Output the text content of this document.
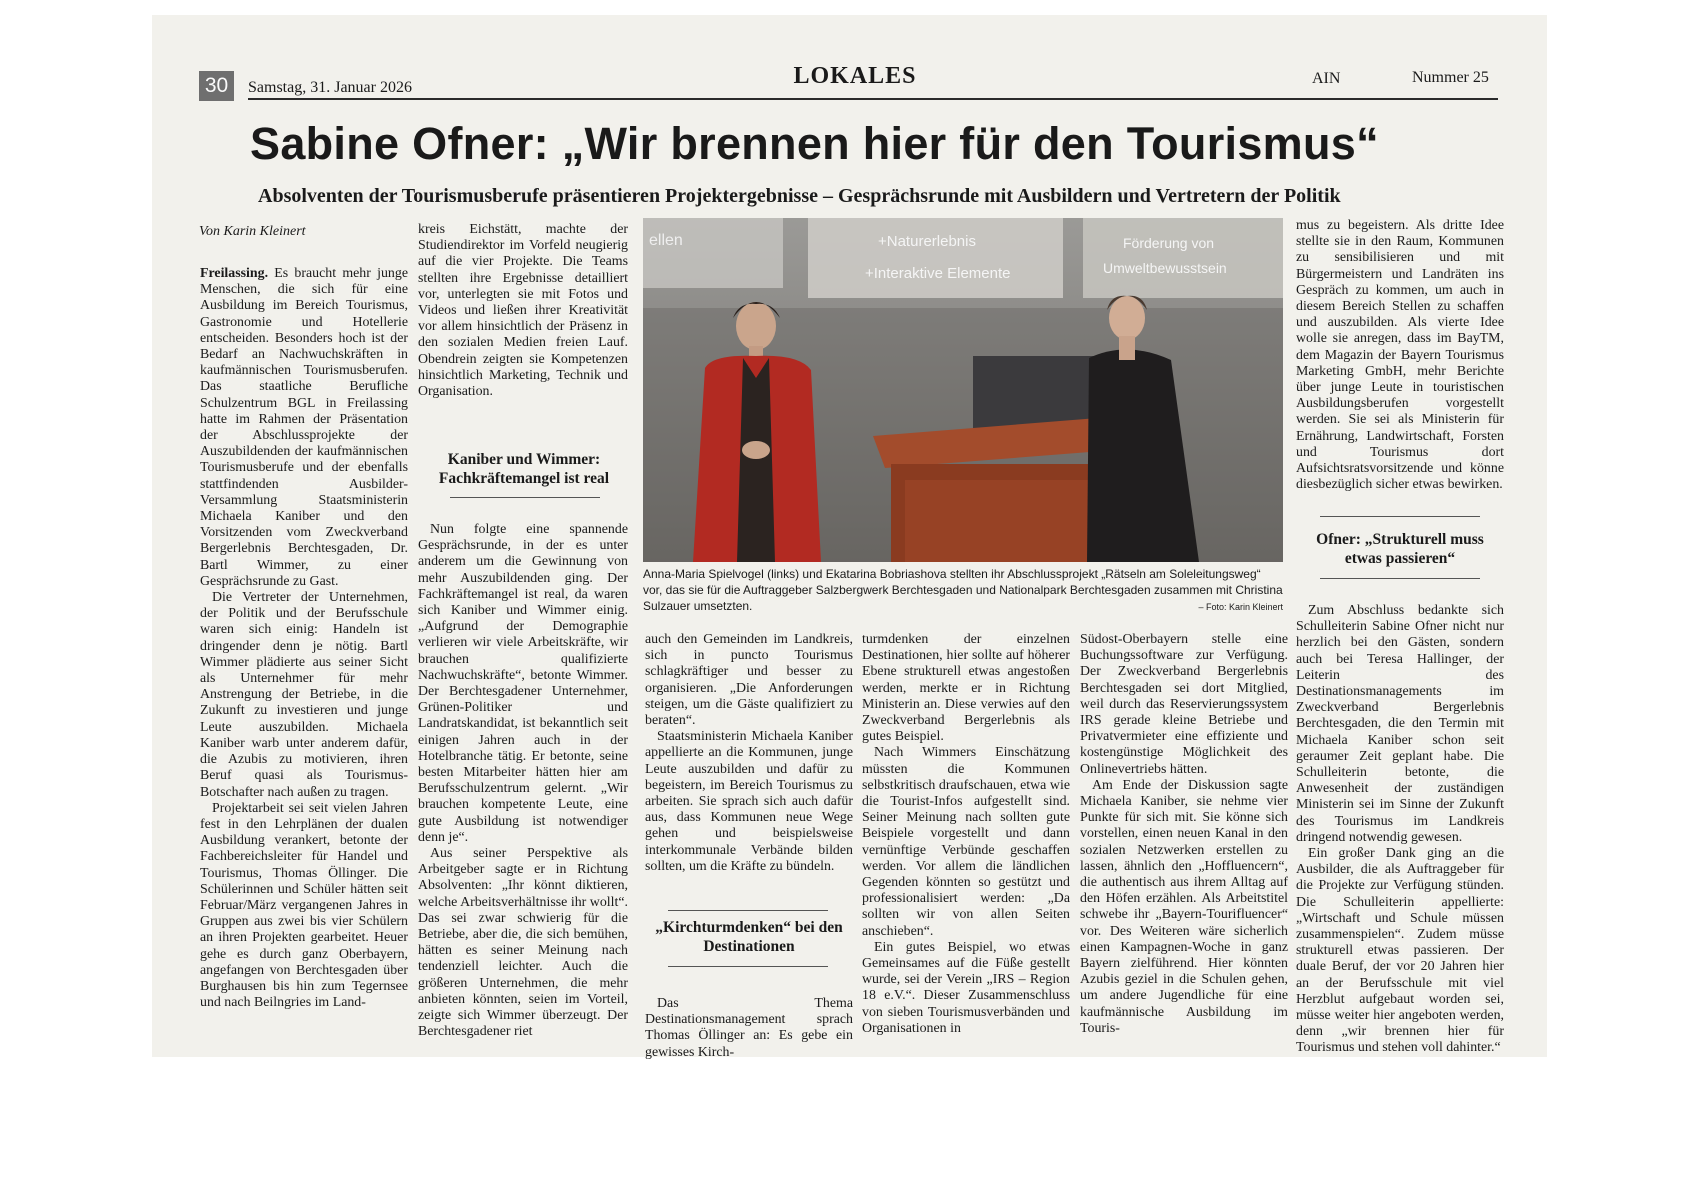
30	Samstag, 31. Januar 2026	LOKALES	AIN	Nummer 25
Sabine Ofner: „Wir brennen hier für den Tourismus“
Absolventen der Tourismusberufe präsentieren Projektergebnisse – Gesprächsrunde mit Ausbildern und Vertretern der Politik
Von Karin Kleinert

Freilassing. Es braucht mehr junge Menschen, die sich für eine Ausbildung im Bereich Tourismus, Gastronomie und Hotellerie entscheiden. Besonders hoch ist der Bedarf an Nachwuchskräften in kaufmännischen Tourismusberufen. Das staatliche Berufliche Schulzentrum BGL in Freilassing hatte im Rahmen der Präsentation der Abschlussprojekte der Auszubildenden der kaufmännischen Tourismusberufe und der ebenfalls stattfindenden Ausbilder-Versammlung Staatsministerin Michaela Kaniber und den Vorsitzenden vom Zweckverband Bergerlebnis Berchtesgaden, Dr. Bartl Wimmer, zu einer Gesprächsrunde zu Gast.

Die Vertreter der Unternehmen, der Politik und der Berufsschule waren sich einig: Handeln ist dringender denn je nötig. Bartl Wimmer plädierte aus seiner Sicht als Unternehmer für mehr Anstrengung der Betriebe, in die Zukunft zu investieren und junge Leute auszubilden. Michaela Kaniber warb unter anderem dafür, die Azubis zu motivieren, ihren Beruf quasi als Tourismus-Botschafter nach außen zu tragen.

Projektarbeit sei seit vielen Jahren fest in den Lehrplänen der dualen Ausbildung verankert, betonte der Fachbereichsleiter für Handel und Tourismus, Thomas Öllinger. Die Schülerinnen und Schüler hätten seit Februar/März vergangenen Jahres in Gruppen aus zwei bis vier Schülern an ihren Projekten gearbeitet. Heuer gehe es durch ganz Oberbayern, angefangen von Berchtesgaden über Burghausen bis hin zum Tegernsee und nach Beilngries im Land-

kreis Eichstätt, machte der Studiendirektor im Vorfeld neugierig auf die vier Projekte. Die Teams stellten ihre Ergebnisse detailliert vor, unterlegten sie mit Fotos und Videos und ließen ihrer Kreativität vor allem hinsichtlich der Präsenz in den sozialen Medien freien Lauf. Obendrein zeigten sie Kompetenzen hinsichtlich Marketing, Technik und Organisation.

Kaniber und Wimmer: Fachkräftemangel ist real

Nun folgte eine spannende Gesprächsrunde, in der es unter anderem um die Gewinnung von mehr Auszubildenden ging. Der Fachkräftemangel ist real, da waren sich Kaniber und Wimmer einig. „Aufgrund der Demographie verlieren wir viele Arbeitskräfte, wir brauchen qualifizierte Nachwuchskräfte“, betonte Wimmer. Der Berchtesgadener Unternehmer, Grünen-Politiker und Landratskandidat, ist bekanntlich seit einigen Jahren auch in der Hotelbranche tätig. Er betonte, seine besten Mitarbeiter hätten hier am Berufsschulzentrum gelernt. „Wir brauchen kompetente Leute, eine gute Ausbildung ist notwendiger denn je“.

Aus seiner Perspektive als Arbeitgeber sagte er in Richtung Absolventen: „Ihr könnt diktieren, welche Arbeitsverhältnisse ihr wollt“. Das sei zwar schwierig für die Betriebe, aber die, die sich bemühen, hätten es seiner Meinung nach tendenziell leichter. Auch die größeren Unternehmen, die mehr anbieten könnten, seien im Vorteil, zeigte sich Wimmer überzeugt. Der Berchtesgadener riet

ellen	+Naturerlebnis
+Interaktive Elemente
Förderung von
Umweltbewusstsein
Anna-Maria Spielvogel (links) und Ekatarina Bobriashova stellten ihr Abschlussprojekt „Rätseln am Soleleitungsweg“ vor, das sie für die Auftraggeber Salzbergwerk Berchtesgaden und Nationalpark Berchtesgaden zusammen mit Christina Sulzauer umsetzten.	– Foto: Karin Kleinert

auch den Gemeinden im Landkreis, sich in puncto Tourismus schlagkräftiger und besser zu organisieren. „Die Anforderungen steigen, um die Gäste qualifiziert zu beraten“.

Staatsministerin Michaela Kaniber appellierte an die Kommunen, junge Leute auszubilden und dafür zu begeistern, im Bereich Tourismus zu arbeiten. Sie sprach sich auch dafür aus, dass Kommunen neue Wege gehen und beispielsweise interkommunale Verbände bilden sollten, um die Kräfte zu bündeln.

„Kirchturmdenken“ bei den Destinationen

Das Thema Destinationsmanagement sprach Thomas Öllinger an: Es gebe ein gewisses Kirch-

turmdenken der einzelnen Destinationen, hier sollte auf höherer Ebene strukturell etwas angestoßen werden, merkte er in Richtung Ministerin an. Diese verwies auf den Zweckverband Bergerlebnis als gutes Beispiel.

Nach Wimmers Einschätzung müssten die Kommunen selbstkritisch draufschauen, etwa wie die Tourist-Infos aufgestellt sind. Seiner Meinung nach sollten gute Beispiele vorgestellt und dann vernünftige Verbünde geschaffen werden. Vor allem die ländlichen Gegenden könnten so gestützt und professionalisiert werden: „Da sollten wir von allen Seiten anschieben“.

Ein gutes Beispiel, wo etwas Gemeinsames auf die Füße gestellt wurde, sei der Verein „IRS – Region 18 e.V.“. Dieser Zusammenschluss von sieben Tourismusverbänden und Organisationen in

Südost-Oberbayern stelle eine Buchungssoftware zur Verfügung. Der Zweckverband Bergerlebnis Berchtesgaden sei dort Mitglied, weil durch das Reservierungssystem IRS gerade kleine Betriebe und Privatvermieter eine effiziente und kostengünstige Möglichkeit des Onlinevertriebs hätten.

Am Ende der Diskussion sagte Michaela Kaniber, sie nehme vier Punkte für sich mit. Sie könne sich vorstellen, einen neuen Kanal in den sozialen Netzwerken erstellen zu lassen, ähnlich den „Hoffluencern“, die authentisch aus ihrem Alltag auf den Höfen erzählen. Als Arbeitstitel schwebe ihr „Bayern-Tourifluencer“ vor. Des Weiteren wäre sicherlich einen Kampagnen-Woche in ganz Bayern zielführend. Hier könnten Azubis geziel in die Schulen gehen, um andere Jugendliche für eine kaufmännische Ausbildung im Touris-

mus zu begeistern. Als dritte Idee stellte sie in den Raum, Kommunen zu sensibilisieren und mit Bürgermeistern und Landräten ins Gespräch zu kommen, um auch in diesem Bereich Stellen zu schaffen und auszubilden. Als vierte Idee wolle sie anregen, dass im BayTM, dem Magazin der Bayern Tourismus Marketing GmbH, mehr Berichte über junge Leute in touristischen Ausbildungsberufen vorgestellt werden. Sie sei als Ministerin für Ernährung, Landwirtschaft, Forsten und Tourismus dort Aufsichtsratsvorsitzende und könne diesbezüglich sicher etwas bewirken.

Ofner: „Strukturell muss etwas passieren“

Zum Abschluss bedankte sich Schulleiterin Sabine Ofner nicht nur herzlich bei den Gästen, sondern auch bei Teresa Hallinger, der Leiterin des Destinationsmanagements im Zweckverband Bergerlebnis Berchtesgaden, die den Termin mit Michaela Kaniber schon seit geraumer Zeit geplant habe. Die Schulleiterin betonte, die Anwesenheit der zuständigen Ministerin sei im Sinne der Zukunft des Tourismus im Landkreis dringend notwendig gewesen.

Ein großer Dank ging an die Ausbilder, die als Auftraggeber für die Projekte zur Verfügung stünden. Die Schulleiterin appellierte: „Wirtschaft und Schule müssen zusammenspielen“. Zudem müsse strukturell etwas passieren. Der duale Beruf, der vor 20 Jahren hier an der Berufsschule mit viel Herzblut aufgebaut worden sei, müsse weiter hier angeboten werden, denn „wir brennen hier für Tourismus und stehen voll dahinter.“
